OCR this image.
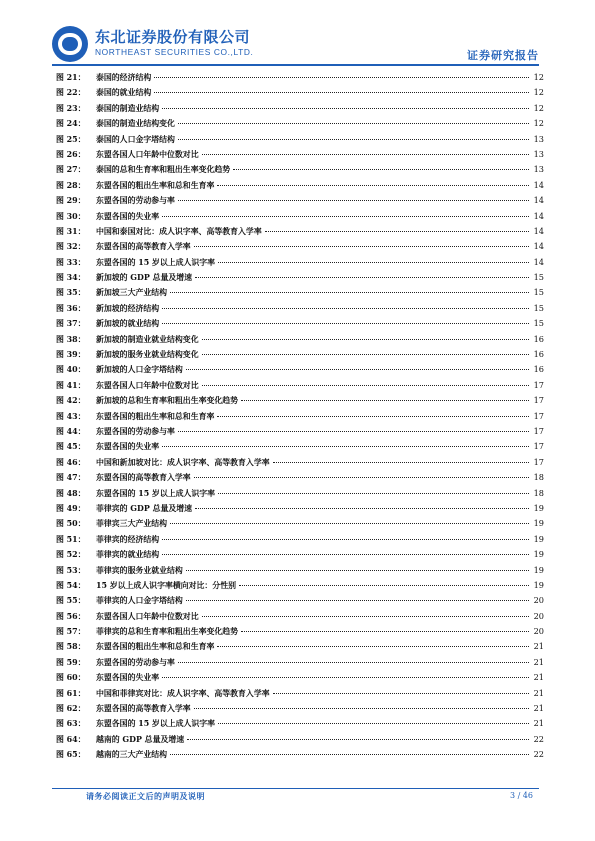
东北证券股份有限公司
NORTHEAST SECURITIES CO.,LTD.	证券研究报告
图 21：	泰国的经济结构	12
图 22：	泰国的就业结构	12
图 23：	泰国的制造业结构	12
图 24：	泰国的制造业结构变化	12
图 25：	泰国的人口金字塔结构	13
图 26：	东盟各国人口年龄中位数对比	13
图 27：	泰国的总和生育率和粗出生率变化趋势	13
图 28：	东盟各国的粗出生率和总和生育率	14
图 29：	东盟各国的劳动参与率	14
图 30：	东盟各国的失业率	14
图 31：	中国和泰国对比：成人识字率、高等教育入学率	14
图 32：	东盟各国的高等教育入学率	14
图 33：	东盟各国的 15 岁以上成人识字率	14
图 34：	新加坡的 GDP 总量及增速	15
图 35：	新加坡三大产业结构	15
图 36：	新加坡的经济结构	15
图 37：	新加坡的就业结构	15
图 38：	新加坡的制造业就业结构变化	16
图 39：	新加坡的服务业就业结构变化	16
图 40：	新加坡的人口金字塔结构	16
图 41：	东盟各国人口年龄中位数对比	17
图 42：	新加坡的总和生育率和粗出生率变化趋势	17
图 43：	东盟各国的粗出生率和总和生育率	17
图 44：	东盟各国的劳动参与率	17
图 45：	东盟各国的失业率	17
图 46：	中国和新加坡对比：成人识字率、高等教育入学率	17
图 47：	东盟各国的高等教育入学率	18
图 48：	东盟各国的 15 岁以上成人识字率	18
图 49：	菲律宾的 GDP 总量及增速	19
图 50：	菲律宾三大产业结构	19
图 51：	菲律宾的经济结构	19
图 52：	菲律宾的就业结构	19
图 53：	菲律宾的服务业就业结构	19
图 54：	15 岁以上成人识字率横向对比：分性别	19
图 55：	菲律宾的人口金字塔结构	20
图 56：	东盟各国人口年龄中位数对比	20
图 57：	菲律宾的总和生育率和粗出生率变化趋势	20
图 58：	东盟各国的粗出生率和总和生育率	21
图 59：	东盟各国的劳动参与率	21
图 60：	东盟各国的失业率	21
图 61：	中国和菲律宾对比：成人识字率、高等教育入学率	21
图 62：	东盟各国的高等教育入学率	21
图 63：	东盟各国的 15 岁以上成人识字率	21
图 64：	越南的 GDP 总量及增速	22
图 65：	越南的三大产业结构	22
请务必阅读正文后的声明及说明	3 / 46
